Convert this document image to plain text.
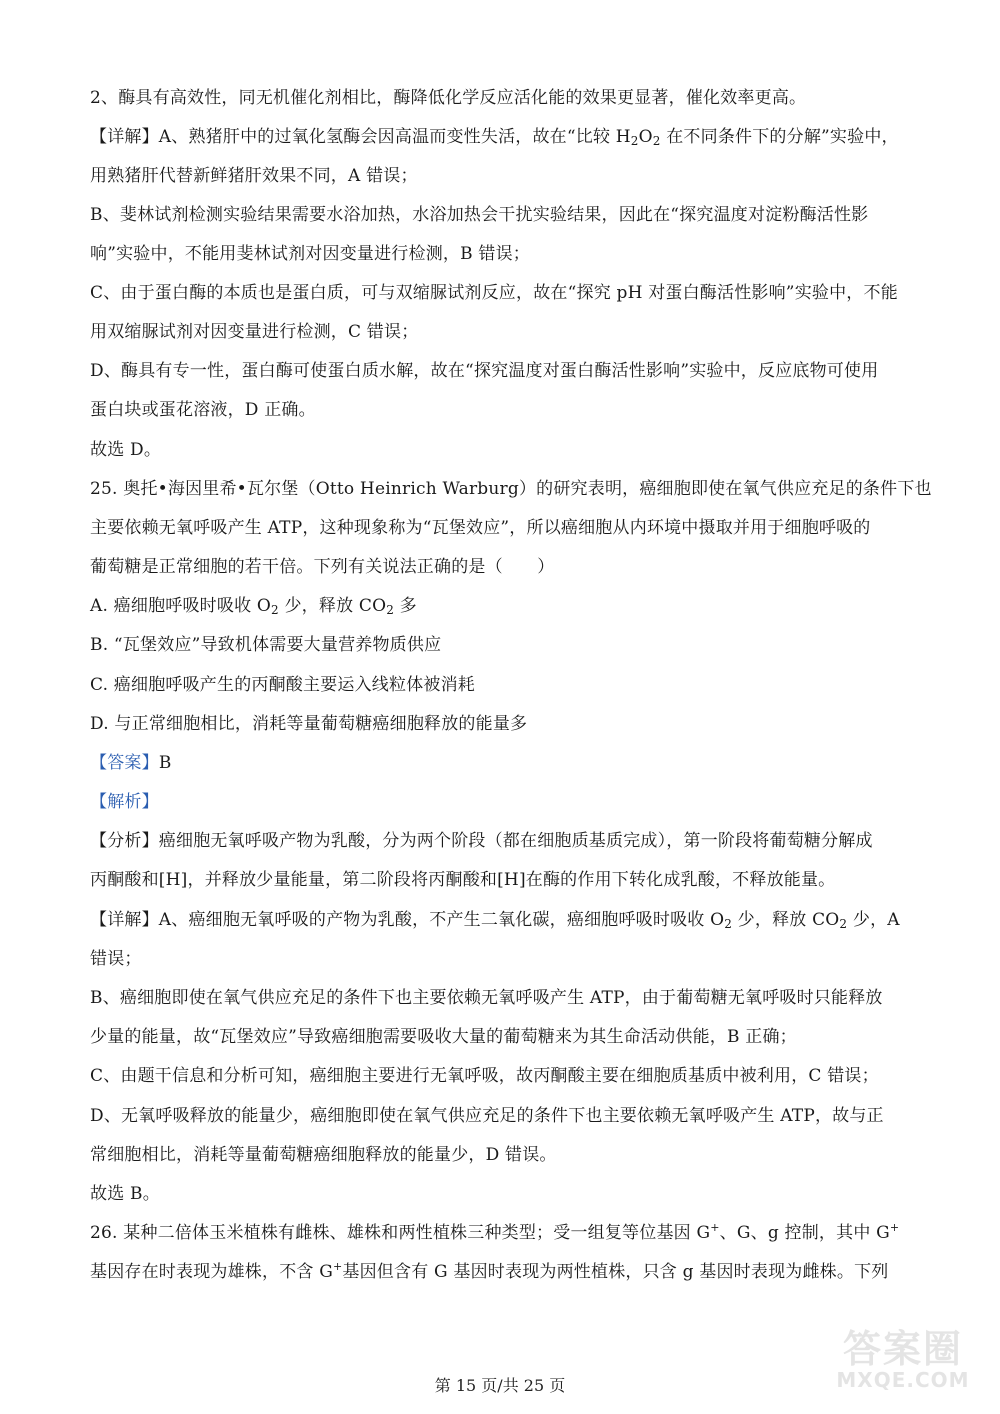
2、酶具有高效性，同无机催化剂相比，酶降低化学反应活化能的效果更显著，催化效率更高。
【详解】A、熟猪肝中的过氧化氢酶会因高温而变性失活，故在“比较 $H_2O_2$ 在不同条件下的分解”实验中，
用熟猪肝代替新鲜猪肝效果不同，A 错误；
B、斐林试剂检测实验结果需要水浴加热，水浴加热会干扰实验结果，因此在“探究温度对淀粉酶活性影
响”实验中，不能用斐林试剂对因变量进行检测，B 错误；
C、由于蛋白酶的本质也是蛋白质，可与双缩脲试剂反应，故在“探究 pH 对蛋白酶活性影响”实验中，不能
用双缩脲试剂对因变量进行检测，C 错误；
D、酶具有专一性，蛋白酶可使蛋白质水解，故在“探究温度对蛋白酶活性影响”实验中，反应底物可使用
蛋白块或蛋花溶液，D 正确。
故选 D。
25. 奥托•海因里希•瓦尔堡（Otto Heinrich Warburg）的研究表明，癌细胞即使在氧气供应充足的条件下也
主要依赖无氧呼吸产生 ATP，这种现象称为“瓦堡效应”，所以癌细胞从内环境中摄取并用于细胞呼吸的
葡萄糖是正常细胞的若干倍。下列有关说法正确的是（　　）
A. 癌细胞呼吸时吸收 $O_2$ 少，释放 $CO_2$ 多
B. “瓦堡效应”导致机体需要大量营养物质供应
C. 癌细胞呼吸产生的丙酮酸主要运入线粒体被消耗
D. 与正常细胞相比，消耗等量葡萄糖癌细胞释放的能量多
【答案】B
【解析】
【分析】癌细胞无氧呼吸产物为乳酸，分为两个阶段（都在细胞质基质完成），第一阶段将葡萄糖分解成
丙酮酸和[H]，并释放少量能量，第二阶段将丙酮酸和[H]在酶的作用下转化成乳酸，不释放能量。
【详解】A、癌细胞无氧呼吸的产物为乳酸，不产生二氧化碳，癌细胞呼吸时吸收 $O_2$ 少，释放 $CO_2$ 少，A
错误；
B、癌细胞即使在氧气供应充足的条件下也主要依赖无氧呼吸产生 ATP，由于葡萄糖无氧呼吸时只能释放
少量的能量，故“瓦堡效应”导致癌细胞需要吸收大量的葡萄糖来为其生命活动供能，B 正确；
C、由题干信息和分析可知，癌细胞主要进行无氧呼吸，故丙酮酸主要在细胞质基质中被利用，C 错误；
D、无氧呼吸释放的能量少，癌细胞即使在氧气供应充足的条件下也主要依赖无氧呼吸产生 ATP，故与正
常细胞相比，消耗等量葡萄糖癌细胞释放的能量少，D 错误。
故选 B。
26. 某种二倍体玉米植株有雌株、雄株和两性植株三种类型；受一组复等位基因 G+、G、g 控制，其中 G+
基因存在时表现为雄株，不含 G+基因但含有 G 基因时表现为两性植株，只含 g 基因时表现为雌株。下列
第 15 页/共 25 页
答案圈
MXQE.COM
